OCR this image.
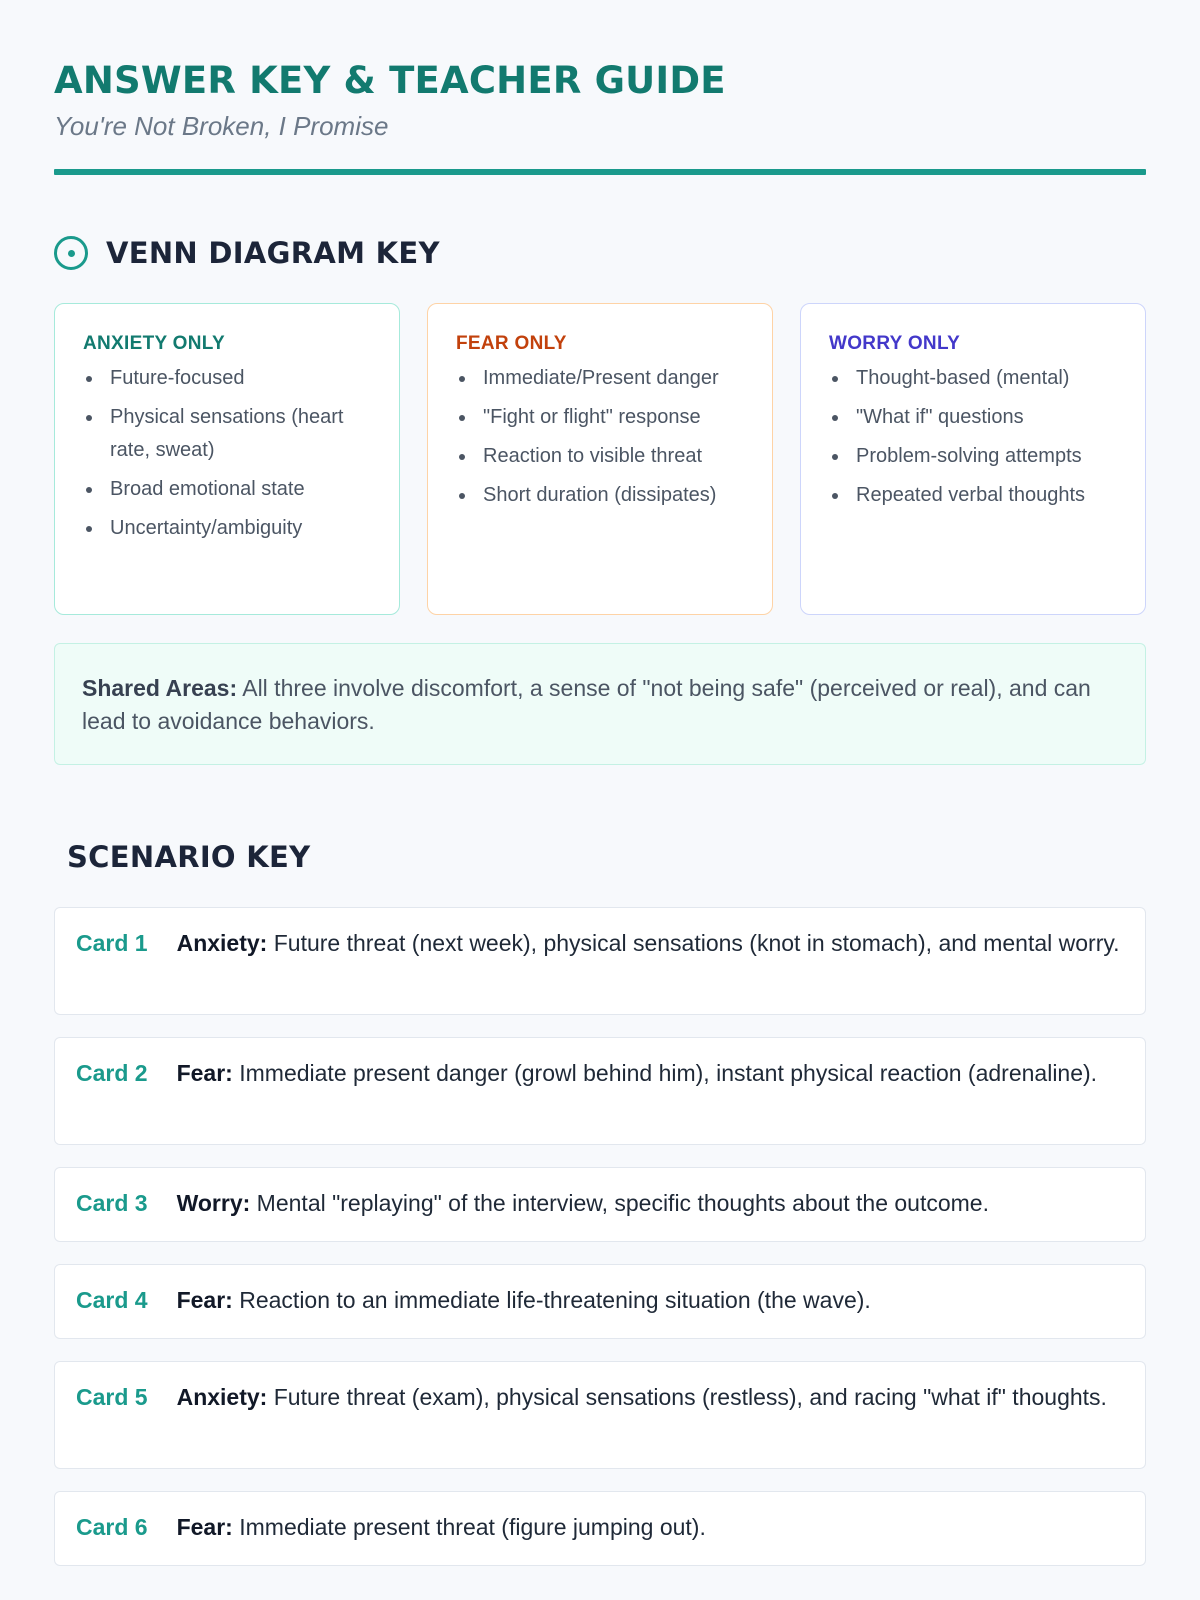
ANSWER KEY & TEACHER GUIDE
You're Not Broken, I Promise
VENN DIAGRAM KEY
ANXIETY ONLY
Future-focused
Physical sensations (heart rate, sweat)
Broad emotional state
Uncertainty/ambiguity
FEAR ONLY
Immediate/Present danger
"Fight or flight" response
Reaction to visible threat
Short duration (dissipates)
WORRY ONLY
Thought-based (mental)
"What if" questions
Problem-solving attempts
Repeated verbal thoughts
Shared Areas: All three involve discomfort, a sense of "not being safe" (perceived or real), and can lead to avoidance behaviors.
SCENARIO KEY
Card 1 Anxiety: Future threat (next week), physical sensations (knot in stomach), and mental worry.
Card 2 Fear: Immediate present danger (growl behind him), instant physical reaction (adrenaline).
Card 3 Worry: Mental "replaying" of the interview, specific thoughts about the outcome.
Card 4 Fear: Reaction to an immediate life-threatening situation (the wave).
Card 5 Anxiety: Future threat (exam), physical sensations (restless), and racing "what if" thoughts.
Card 6 Fear: Immediate present threat (figure jumping out).
